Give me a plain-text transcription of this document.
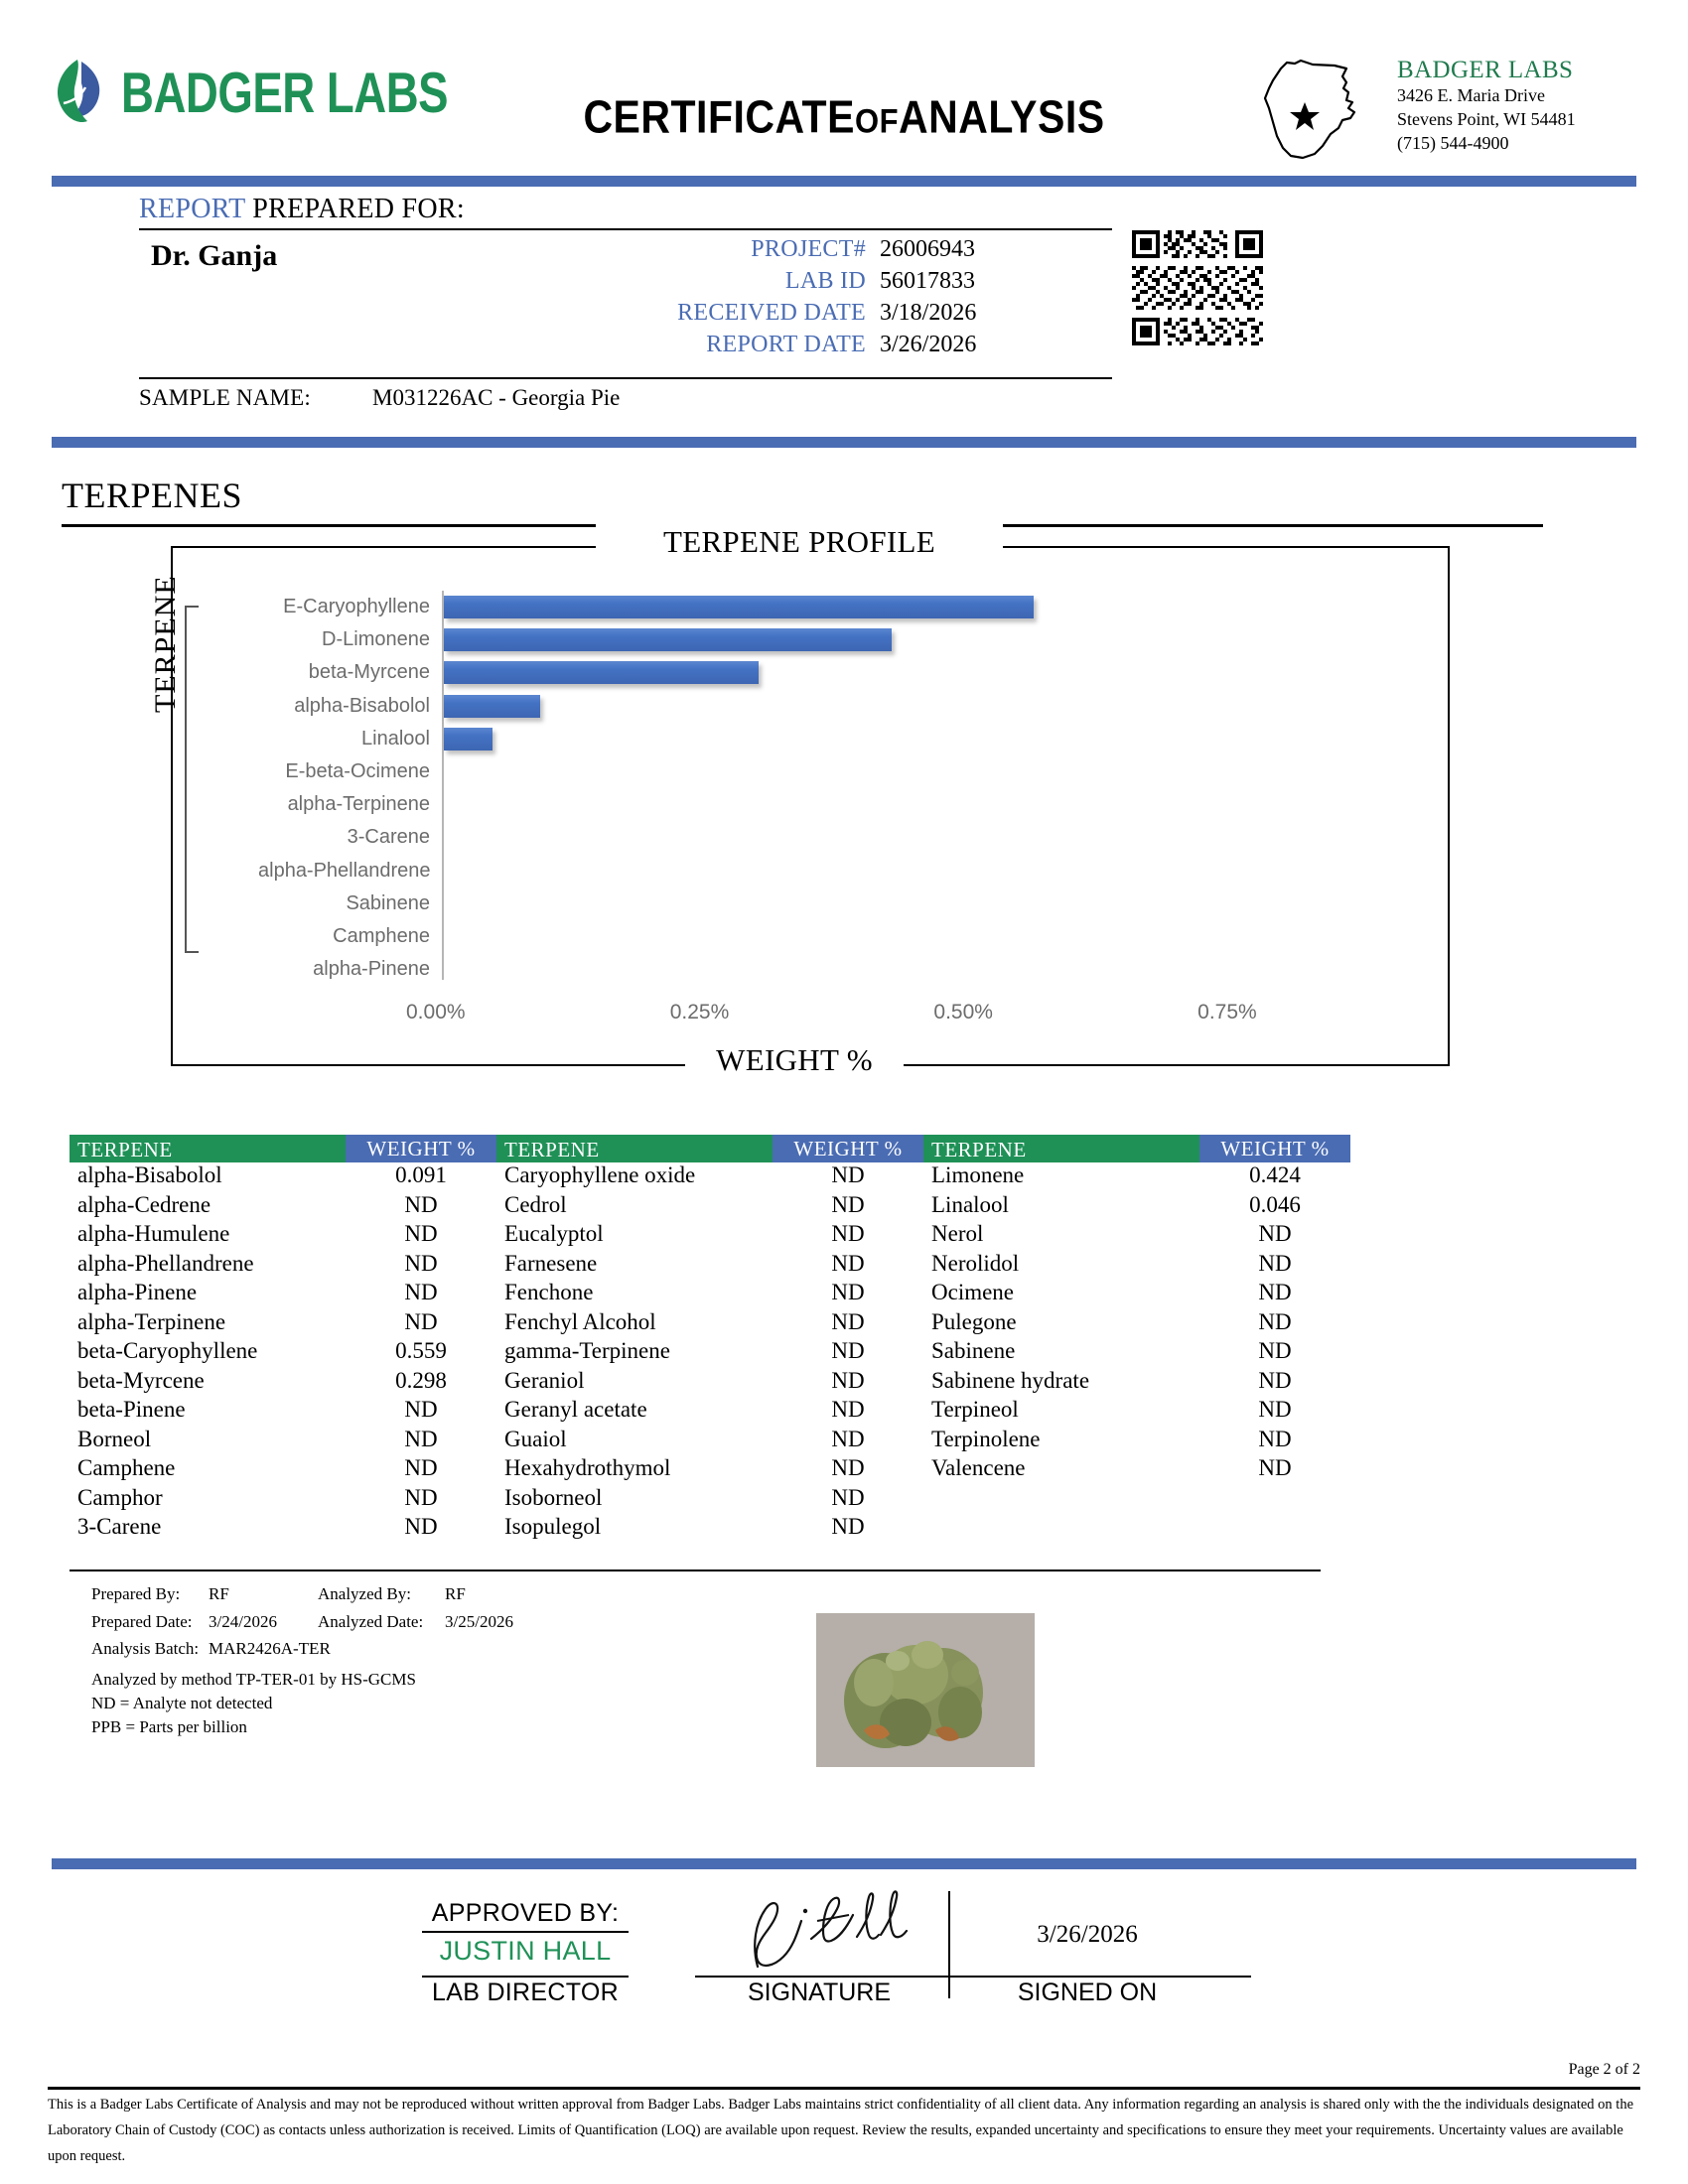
BADGER LABS	CERTIFICATEOFANALYSIS
BADGER LABS
3426 E. Maria Drive
Stevens Point, WI 54481
(715) 544-4900
REPORT PREPARED FOR:
Dr. Ganja	PROJECT# 26006943
LAB ID 56017833
RECEIVED DATE 3/18/2026
REPORT DATE 3/26/2026
SAMPLE NAME:	M031226AC - Georgia Pie
TERPENES
TERPENE PROFILE
WEIGHT %
TERPENE	E-Caryophyllene
D-Limonene
beta-Myrcene
alpha-Bisabolol
Linalool
E-beta-Ocimene
alpha-Terpinene
3-Carene
alpha-Phellandrene
Sabinene
Camphene
alpha-Pinene
0.00%	0.25%	0.50%	0.75%
TERPENE	WEIGHT %	TERPENE	WEIGHT %	TERPENE	WEIGHT %
alpha-Bisabolol	0.091	Caryophyllene oxide	ND	Limonene	0.424
alpha-Cedrene	ND	Cedrol	ND	Linalool	0.046
alpha-Humulene	ND	Eucalyptol	ND	Nerol	ND
alpha-Phellandrene	ND	Farnesene	ND	Nerolidol	ND
alpha-Pinene	ND	Fenchone	ND	Ocimene	ND
alpha-Terpinene	ND	Fenchyl Alcohol	ND	Pulegone	ND
beta-Caryophyllene	0.559	gamma-Terpinene	ND	Sabinene	ND
beta-Myrcene	0.298	Geraniol	ND	Sabinene hydrate	ND
beta-Pinene	ND	Geranyl acetate	ND	Terpineol	ND
Borneol	ND	Guaiol	ND	Terpinolene	ND
Camphene	ND	Hexahydrothymol	ND	Valencene	ND
Camphor	ND	Isoborneol	ND
3-Carene	ND	Isopulegol	ND
Prepared By:	RF	Analyzed By:	RF
Prepared Date: 3/24/2026	Analyzed Date:	3/25/2026
Analysis Batch: MAR2426A-TER
Analyzed by method TP-TER-01 by HS-GCMS
ND = Analyte not detected
PPB = Parts per billion
APPROVED BY:
JUSTIN HALL
LAB DIRECTOR	SIGNATURE
3/26/2026
SIGNED ON
Page 2 of 2
This is a Badger Labs Certificate of Analysis and may not be reproduced without written approval from Badger Labs. Badger Labs maintains strict confidentiality of all client data. Any information regarding an analysis is shared only with the the individuals designated on the Laboratory Chain of Custody (COC) as contacts unless authorization is received. Limits of Quantification (LOQ) are available upon request. Review the results, expanded uncertainty and specifications to ensure they meet your requirements. Uncertainty values are available upon request.
